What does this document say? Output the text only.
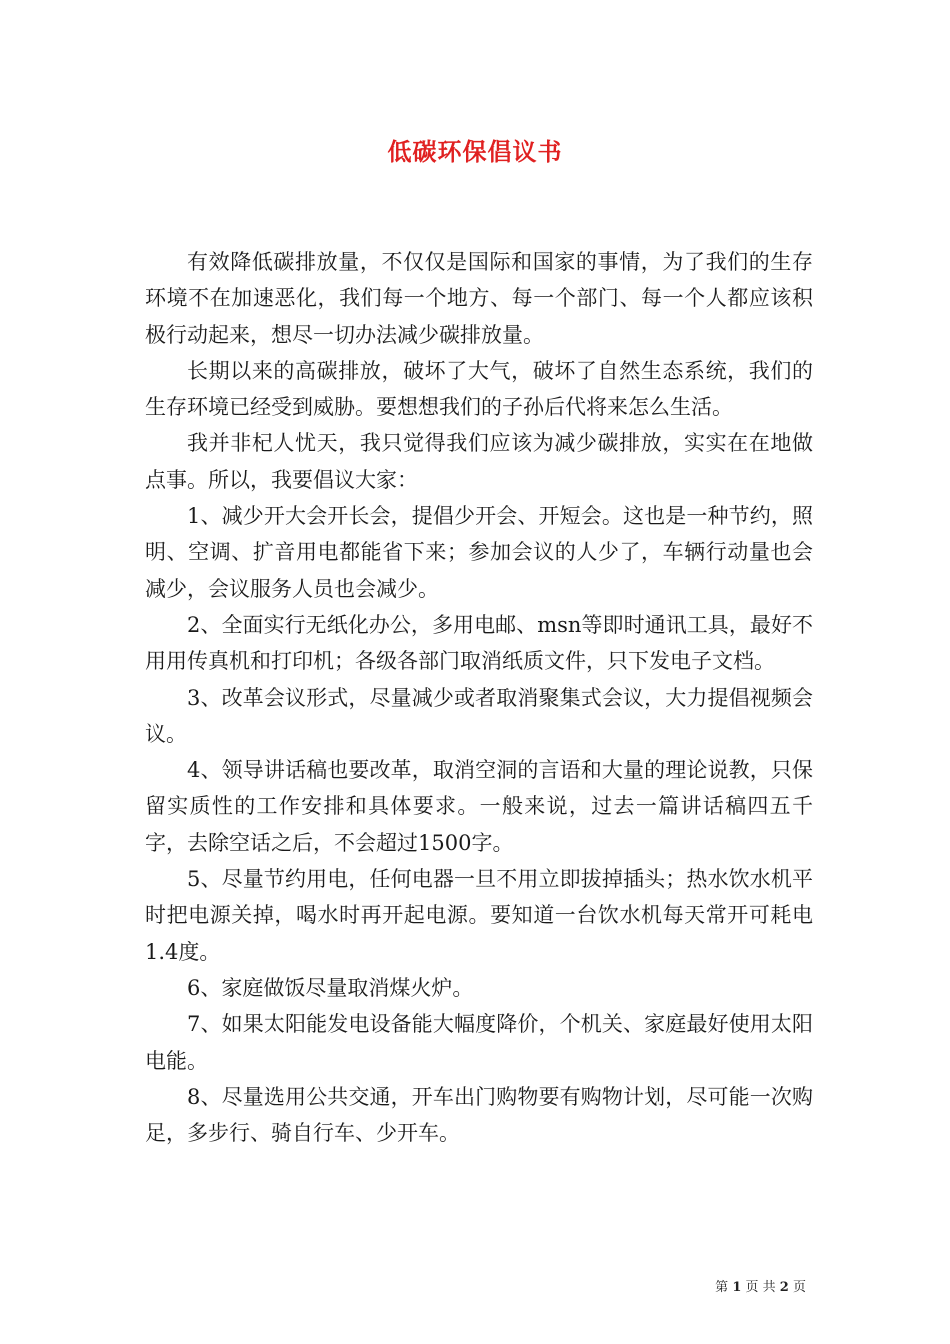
低碳环保倡议书

有效降低碳排放量，不仅仅是国际和国家的事情，为了我们的生存环境不在加速恶化，我们每一个地方、每一个部门、每一个人都应该积极行动起来，想尽一切办法减少碳排放量。

长期以来的高碳排放，破坏了大气，破坏了自然生态系统，我们的生存环境已经受到威胁。要想想我们的子孙后代将来怎么生活。

我并非杞人忧天，我只觉得我们应该为减少碳排放，实实在在地做点事。所以，我要倡议大家：

1、减少开大会开长会，提倡少开会、开短会。这也是一种节约，照明、空调、扩音用电都能省下来；参加会议的人少了，车辆行动量也会减少，会议服务人员也会减少。

2、全面实行无纸化办公，多用电邮、msn等即时通讯工具，最好不用用传真机和打印机；各级各部门取消纸质文件，只下发电子文档。

3、改革会议形式，尽量减少或者取消聚集式会议，大力提倡视频会议。

4、领导讲话稿也要改革，取消空洞的言语和大量的理论说教，只保留实质性的工作安排和具体要求。一般来说，过去一篇讲话稿四五千字，去除空话之后，不会超过1500字。

5、尽量节约用电，任何电器一旦不用立即拔掉插头；热水饮水机平时把电源关掉，喝水时再开起电源。要知道一台饮水机每天常开可耗电1.4度。

6、家庭做饭尽量取消煤火炉。

7、如果太阳能发电设备能大幅度降价，个机关、家庭最好使用太阳电能。

8、尽量选用公共交通，开车出门购物要有购物计划，尽可能一次购足，多步行、骑自行车、少开车。

第 1 页 共 2 页
